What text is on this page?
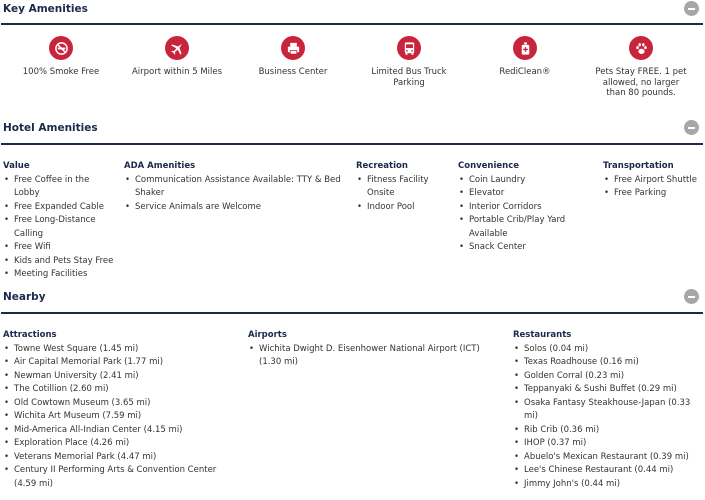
Key Amenities
100% Smoke Free	Airport within 5 Miles	Business Center	Limited Bus Truck Parking
RediClean®	Pets Stay FREE. 1 pet allowed, no larger than 80 pounds.
Hotel Amenities
Value
• Free Coffee in the Lobby
• Free Expanded Cable
• Free Long-Distance Calling
• Free Wifi
• Kids and Pets Stay Free
• Meeting Facilities
ADA Amenities
• Communication Assistance Available: TTY & Bed Shaker
• Service Animals are Welcome
Recreation
• Fitness Facility Onsite
• Indoor Pool
Convenience
• Coin Laundry
• Elevator
• Interior Corridors
• Portable Crib/Play Yard Available
• Snack Center
Transportation
• Free Airport Shuttle
• Free Parking
Nearby
Attractions
• Towne West Square (1.45 mi)
• Air Capital Memorial Park (1.77 mi)
• Newman University (2.41 mi)
• The Cotillion (2.60 mi)
• Old Cowtown Museum (3.65 mi)
• Wichita Art Museum (7.59 mi)
• Mid-America All-Indian Center (4.15 mi)
• Exploration Place (4.26 mi)
• Veterans Memorial Park (4.47 mi)
• Century II Performing Arts & Convention Center (4.59 mi)
Airports
• Wichita Dwight D. Eisenhower National Airport (ICT) (1.30 mi)
Restaurants
• Solos (0.04 mi)
• Texas Roadhouse (0.16 mi)
• Golden Corral (0.23 mi)
• Teppanyaki & Sushi Buffet (0.29 mi)
• Osaka Fantasy Steakhouse-Japan (0.33 mi)
• Rib Crib (0.36 mi)
• IHOP (0.37 mi)
• Abuelo's Mexican Restaurant (0.39 mi)
• Lee's Chinese Restaurant (0.44 mi)
• Jimmy John's (0.44 mi)
